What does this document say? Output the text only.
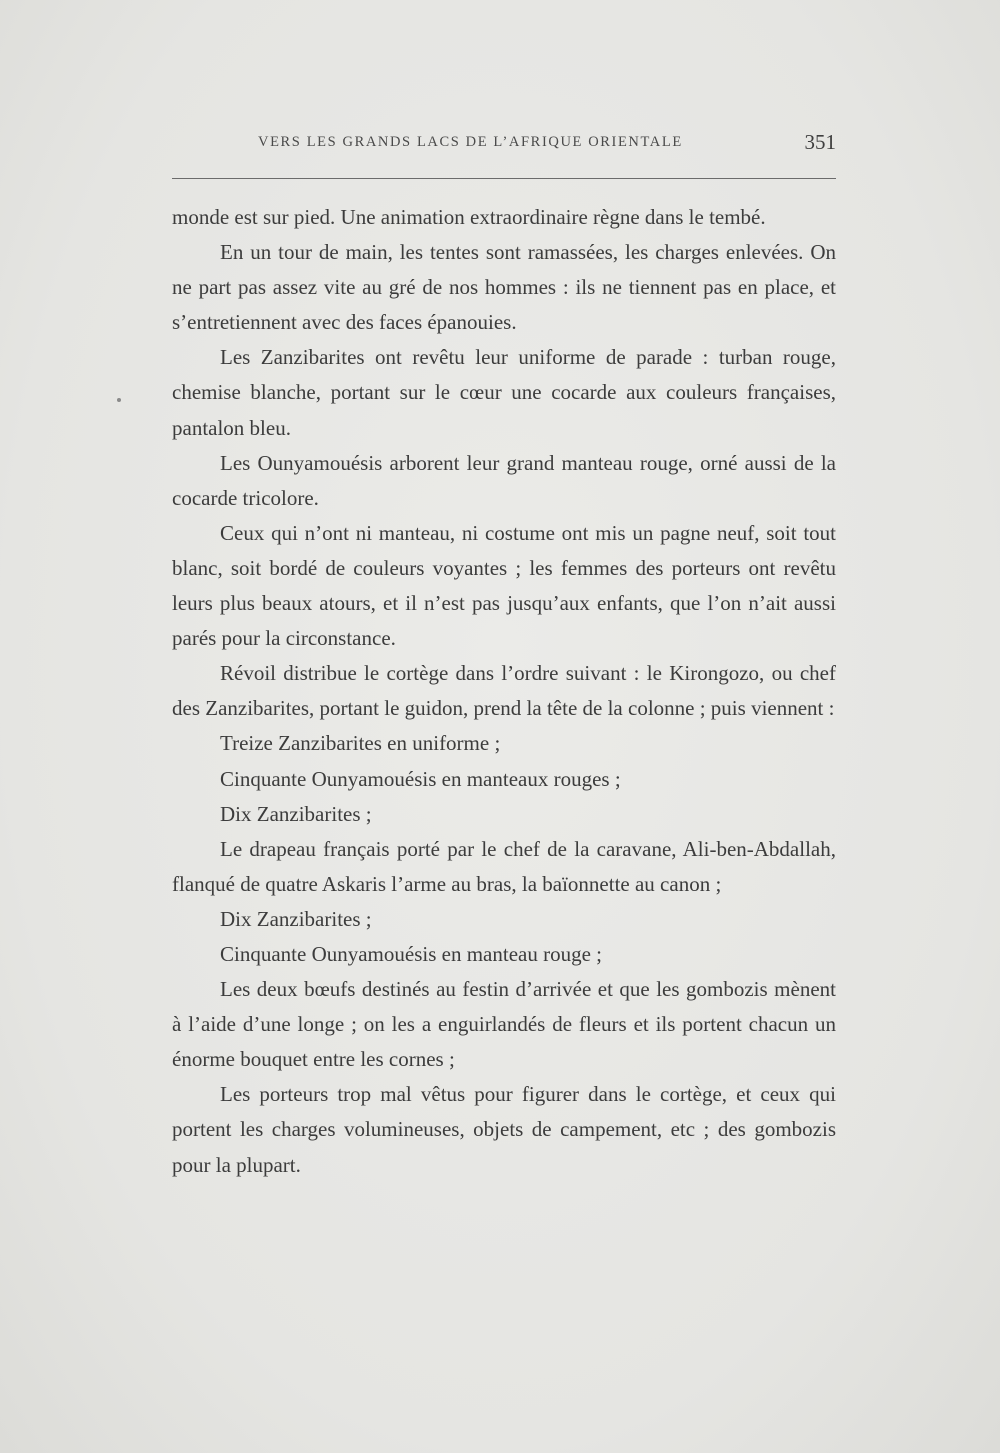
VERS LES GRANDS LACS DE L’AFRIQUE ORIENTALE	351

monde est sur pied. Une animation extraordinaire règne dans le tembé.

En un tour de main, les tentes sont ramassées, les charges enlevées. On ne part pas assez vite au gré de nos hommes : ils ne tiennent pas en place, et s’entretiennent avec des faces épanouies.

Les Zanzibarites ont revêtu leur uniforme de parade : turban rouge, chemise blanche, portant sur le cœur une cocarde aux couleurs françaises, pantalon bleu.

Les Ounyamouésis arborent leur grand manteau rouge, orné aussi de la cocarde tricolore.

Ceux qui n’ont ni manteau, ni costume ont mis un pagne neuf, soit tout blanc, soit bordé de couleurs voyantes ; les femmes des porteurs ont revêtu leurs plus beaux atours, et il n’est pas jusqu’aux enfants, que l’on n’ait aussi parés pour la circonstance.

Révoil distribue le cortège dans l’ordre suivant : le Kirongozo, ou chef des Zanzibarites, portant le guidon, prend la tête de la colonne ; puis viennent :

Treize Zanzibarites en uniforme ;

Cinquante Ounyamouésis en manteaux rouges ;

Dix Zanzibarites ;

Le drapeau français porté par le chef de la caravane, Ali-ben-Abdallah, flanqué de quatre Askaris l’arme au bras, la baïonnette au canon ;

Dix Zanzibarites ;

Cinquante Ounyamouésis en manteau rouge ;

Les deux bœufs destinés au festin d’arrivée et que les gombozis mènent à l’aide d’une longe ; on les a enguirlandés de fleurs et ils portent chacun un énorme bouquet entre les cornes ;

Les porteurs trop mal vêtus pour figurer dans le cortège, et ceux qui portent les charges volumineuses, objets de campement, etc ; des gombozis pour la plupart.
